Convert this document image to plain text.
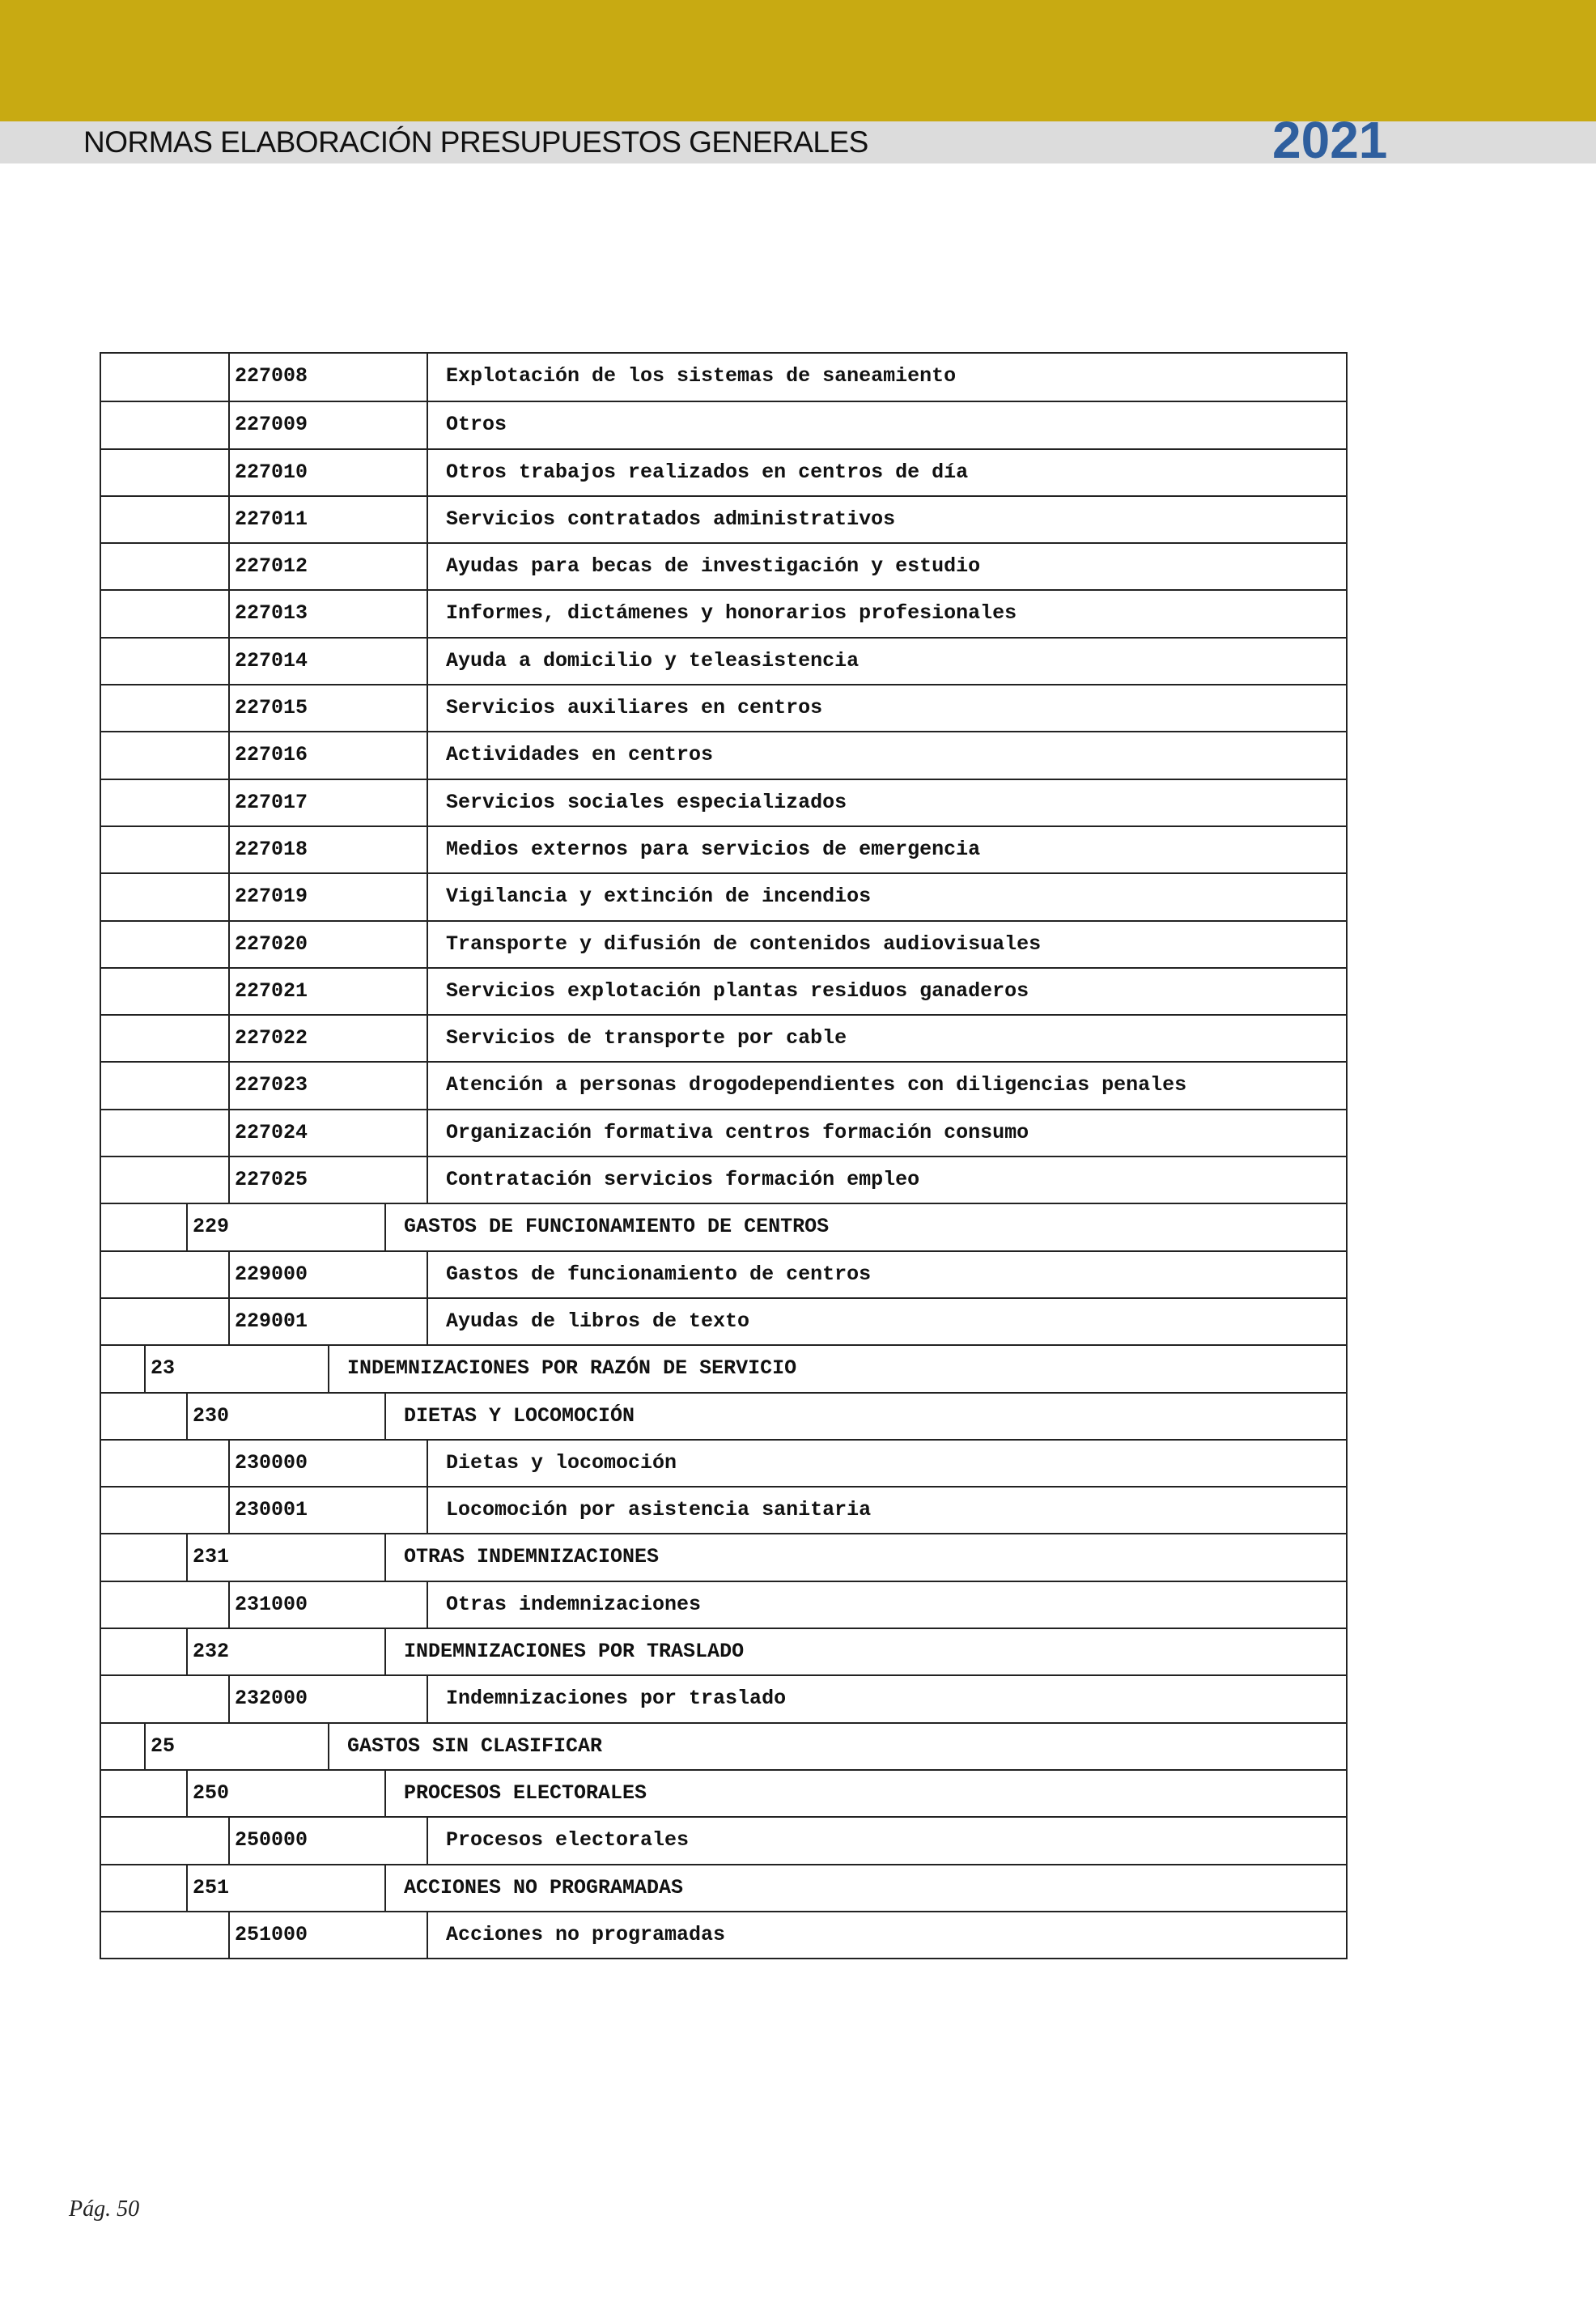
NORMAS ELABORACIÓN PRESUPUESTOS GENERALES	2021
227008	Explotación de los sistemas de saneamiento
227009	Otros
227010	Otros trabajos realizados en centros de día
227011	Servicios contratados administrativos
227012	Ayudas para becas de investigación y estudio
227013	Informes, dictámenes y honorarios profesionales
227014	Ayuda a domicilio y teleasistencia
227015	Servicios auxiliares en centros
227016	Actividades en centros
227017	Servicios sociales especializados
227018	Medios externos para servicios de emergencia
227019	Vigilancia y extinción de incendios
227020	Transporte y difusión de contenidos audiovisuales
227021	Servicios explotación plantas residuos ganaderos
227022	Servicios de transporte por cable
227023	Atención a personas drogodependientes con diligencias penales
227024	Organización formativa centros formación consumo
227025	Contratación servicios formación empleo
229	GASTOS DE FUNCIONAMIENTO DE CENTROS
229000	Gastos de funcionamiento de centros
229001	Ayudas de libros de texto
23	INDEMNIZACIONES POR RAZÓN DE SERVICIO
230	DIETAS Y LOCOMOCIÓN
230000	Dietas y locomoción
230001	Locomoción por asistencia sanitaria
231	OTRAS INDEMNIZACIONES
231000	Otras indemnizaciones
232	INDEMNIZACIONES POR TRASLADO
232000	Indemnizaciones por traslado
25	GASTOS SIN CLASIFICAR
250	PROCESOS ELECTORALES
250000	Procesos electorales
251	ACCIONES NO PROGRAMADAS
251000	Acciones no programadas
Pág. 50
